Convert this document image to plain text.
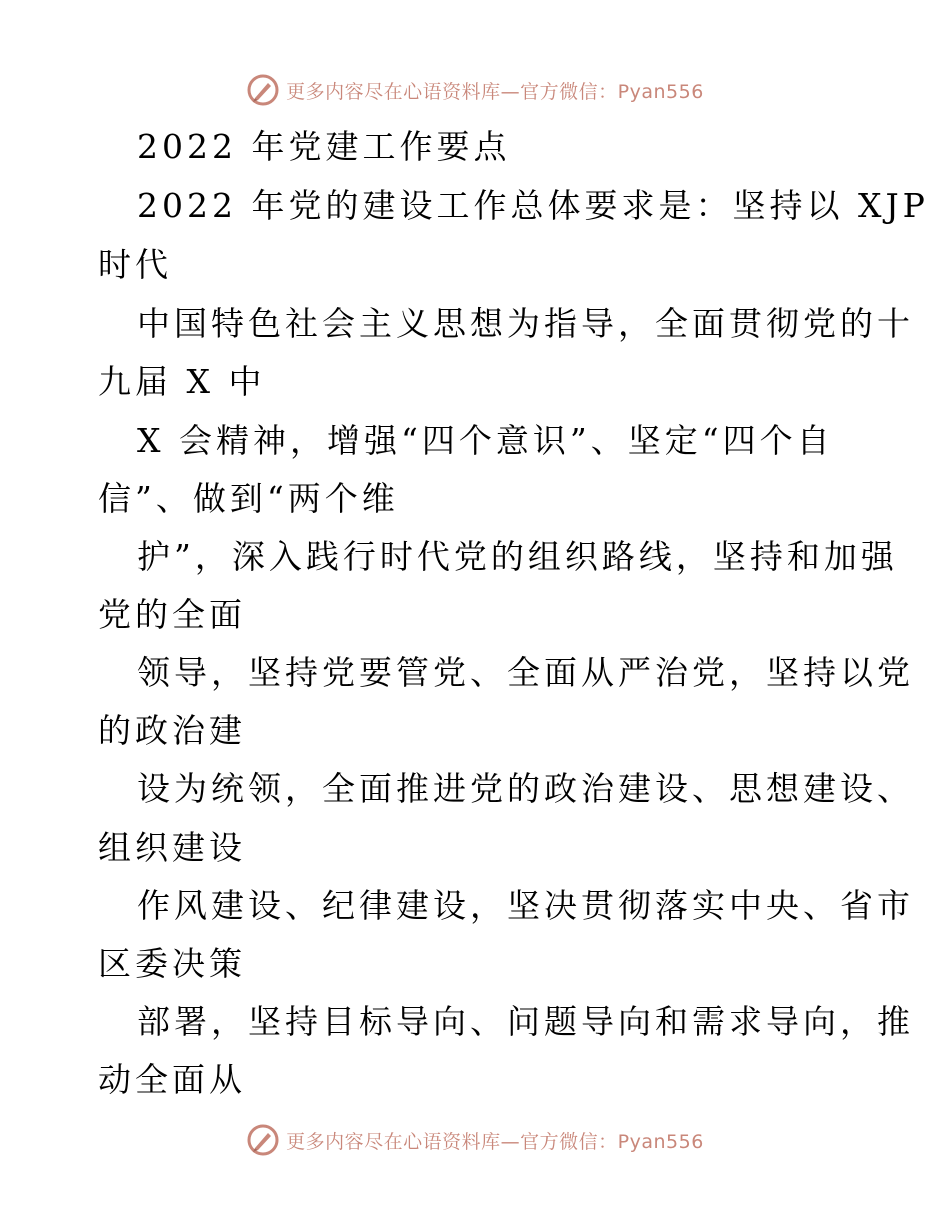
更多内容尽在心语资料库—官方微信：Pyan556
2022 年党建工作要点
2022 年党的建设工作总体要求是：坚持以 XJP
时代
中国特色社会主义思想为指导，全面贯彻党的十
九届 X 中
X 会精神，增强“四个意识”、坚定“四个自
信”、做到“两个维
护”，深入践行时代党的组织路线，坚持和加强
党的全面
领导，坚持党要管党、全面从严治党，坚持以党
的政治建
设为统领，全面推进党的政治建设、思想建设、
组织建设
作风建设、纪律建设，坚决贯彻落实中央、省市
区委决策
部署，坚持目标导向、问题导向和需求导向，推
动全面从
更多内容尽在心语资料库—官方微信：Pyan556
